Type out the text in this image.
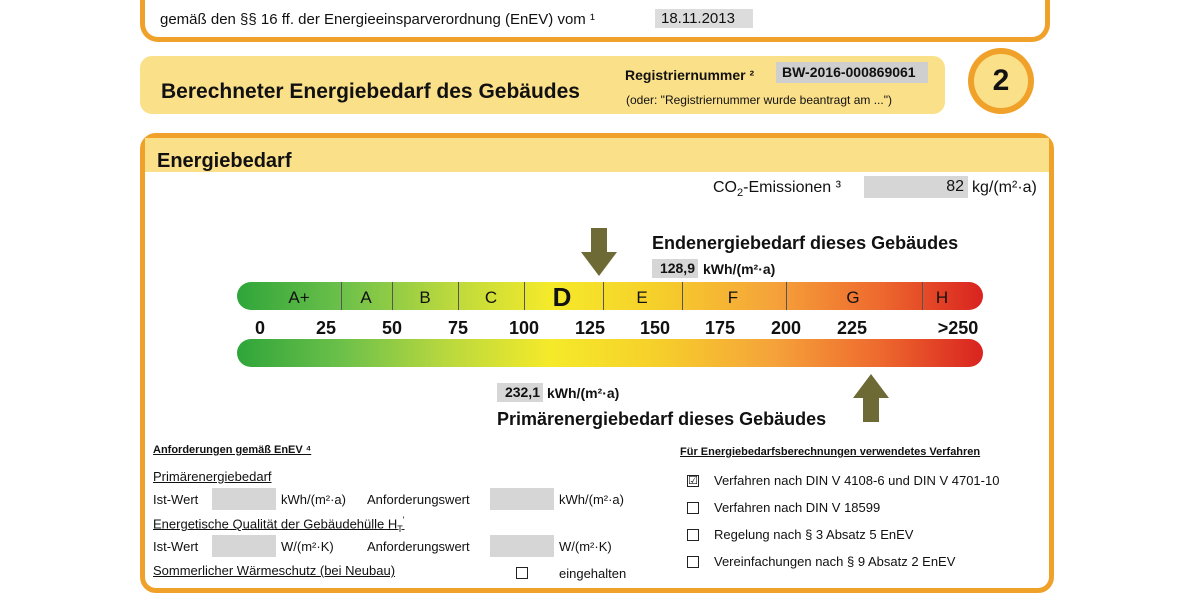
gemäß den §§ 16 ff. der Energieeinsparverordnung (EnEV) vom ¹	18.11.2013
Berechneter Energiebedarf des Gebäudes
Registriernummer ²	BW-2016-000869061
(oder: "Registriernummer wurde beantragt am ...")
2
Energiebedarf
$CO_2$-Emissionen ³	82 kg/(m²·a)
Endenergiebedarf dieses Gebäudes
128,9 kWh/(m²·a)
A+	A	B	C D	E	F	G	H
0	25	50	75 100 125 150 175 200 225	>250
232,1 kWh/(m²·a)
Primärenergiebedarf dieses Gebäudes
Anforderungen gemäß EnEV ⁴
Primärenergiebedarf
Ist-Wert	kWh/(m²·a) Anforderungswert	kWh/(m²·a)
Energetische Qualität der Gebäudehülle $H_T'$
Ist-Wert	W/(m²·K)	Anforderungswert	W/(m²·K)
Sommerlicher Wärmeschutz (bei Neubau)	eingehalten
Für Energiebedarfsberechnungen verwendetes Verfahren
☑ Verfahren nach DIN V 4108-6 und DIN V 4701-10
Verfahren nach DIN V 18599
Regelung nach § 3 Absatz 5 EnEV
Vereinfachungen nach § 9 Absatz 2 EnEV
